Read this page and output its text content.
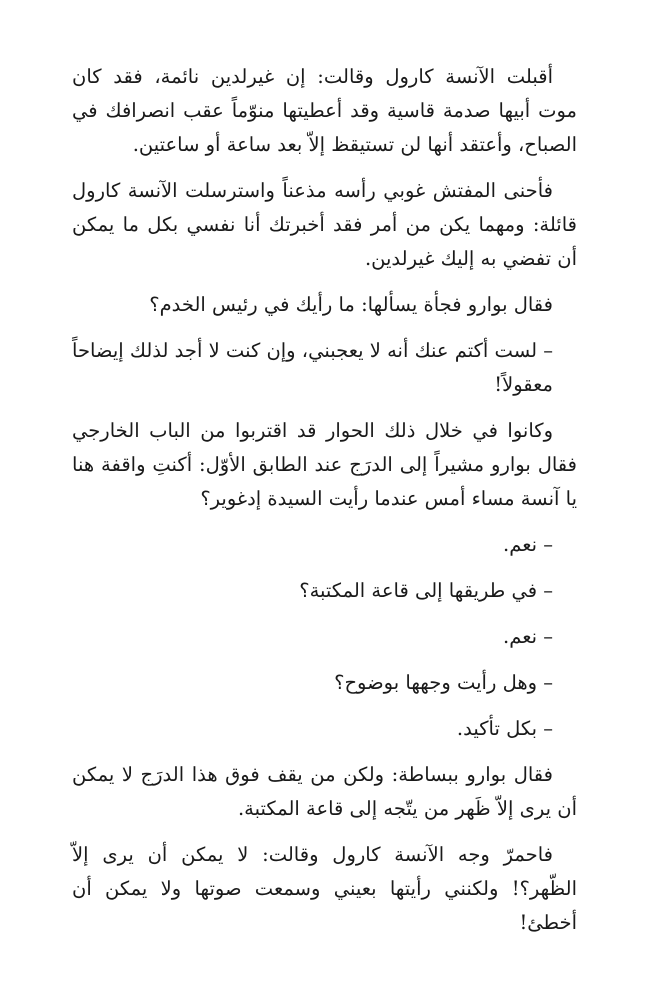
أقبلت الآنسة كارول وقالت: إن غيرلدين نائمة، فقد كان موت أبيها صدمة قاسية وقد أعطيتها منوّماً عقب انصرافك في الصباح، وأعتقد أنها لن تستيقظ إلاّ بعد ساعة أو ساعتين.

فأحنى المفتش غوبي رأسه مذعناً واسترسلت الآنسة كارول قائلة: ومهما يكن من أمر فقد أخبرتك أنا نفسي بكل ما يمكن أن تفضي به إليك غيرلدين.

فقال بوارو فجأة يسألها: ما رأيك في رئيس الخدم؟

– لست أكتم عنك أنه لا يعجبني، وإن كنت لا أجد لذلك إيضاحاً معقولاً!

وكانوا في خلال ذلك الحوار قد اقتربوا من الباب الخارجي فقال بوارو مشيراً إلى الدرَج عند الطابق الأوّل: أكنتِ واقفة هنا يا آنسة مساء أمس عندما رأيت السيدة إدغوير؟

– نعم.

– في طريقها إلى قاعة المكتبة؟

– نعم.

– وهل رأيت وجهها بوضوح؟

– بكل تأكيد.

فقال بوارو ببساطة: ولكن من يقف فوق هذا الدرَج لا يمكن أن يرى إلاّ ظَهر من يتّجه إلى قاعة المكتبة.

فاحمرّ وجه الآنسة كارول وقالت: لا يمكن أن يرى إلاّ الظّهر؟! ولكنني رأيتها بعيني وسمعت صوتها ولا يمكن أن أخطئ!
